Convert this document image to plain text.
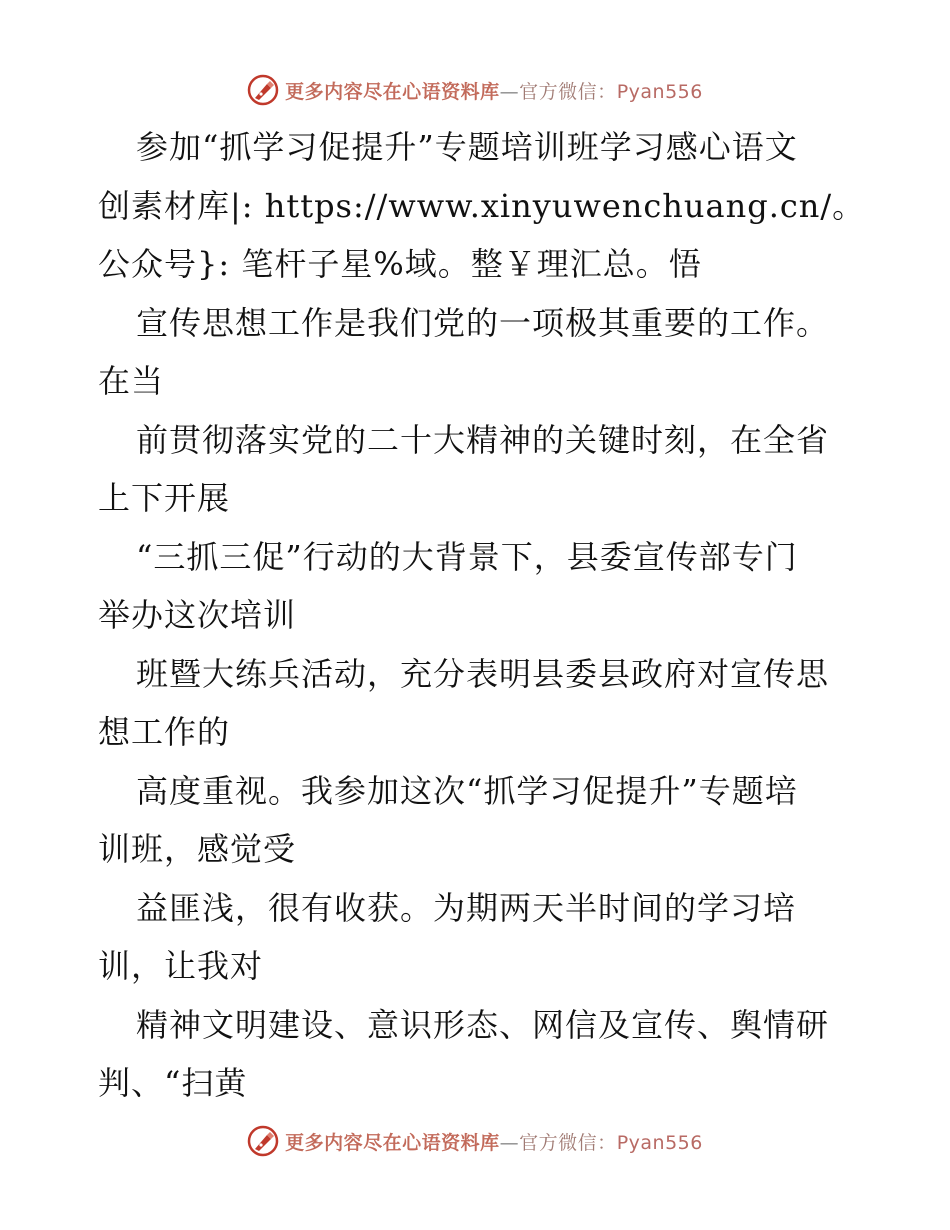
更多内容尽在心语资料库—官方微信：Pyan556
参加“抓学习促提升”专题培训班学习感心语文
创素材库|: https://www.xinyuwenchuang.cn/。
公众号}: 笔杆子星%域。整￥理汇总。悟
宣传思想工作是我们党的一项极其重要的工作。
在当
前贯彻落实党的二十大精神的关键时刻，在全省
上下开展
“三抓三促”行动的大背景下，县委宣传部专门
举办这次培训
班暨大练兵活动，充分表明县委县政府对宣传思
想工作的
高度重视。我参加这次“抓学习促提升”专题培
训班，感觉受
益匪浅，很有收获。为期两天半时间的学习培
训，让我对
精神文明建设、意识形态、网信及宣传、舆情研
判、“扫黄
更多内容尽在心语资料库—官方微信：Pyan556
